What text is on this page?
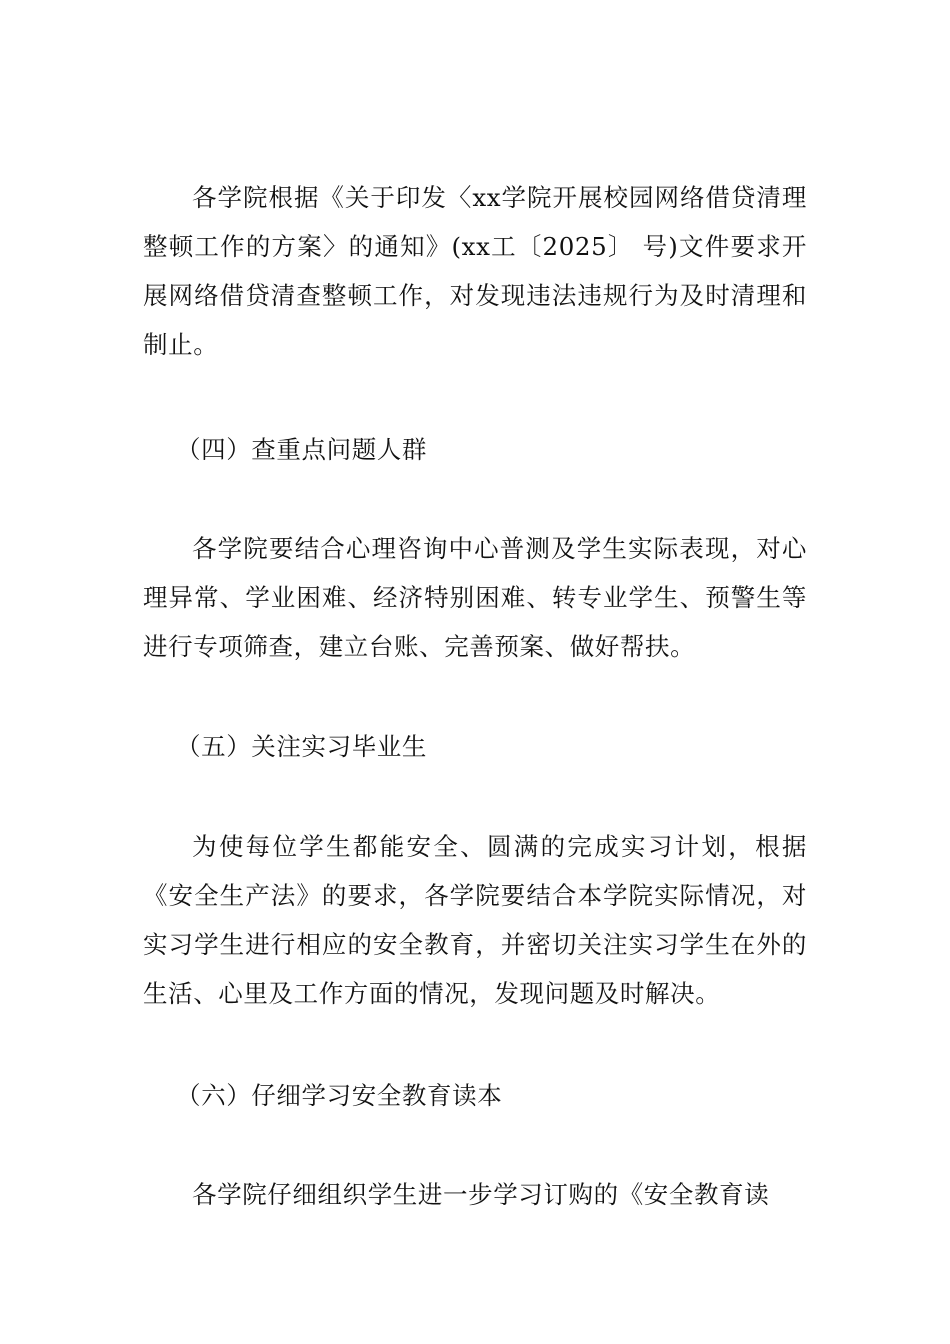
各学院根据《关于印发〈xx学院开展校园网络借贷清理整顿工作的方案〉的通知》(xx工〔2025〕 号)文件要求开展网络借贷清查整顿工作，对发现违法违规行为及时清理和制止。

（四）查重点问题人群

各学院要结合心理咨询中心普测及学生实际表现，对心理异常、学业困难、经济特别困难、转专业学生、预警生等进行专项筛查，建立台账、完善预案、做好帮扶。

（五）关注实习毕业生

为使每位学生都能安全、圆满的完成实习计划，根据《安全生产法》的要求，各学院要结合本学院实际情况，对实习学生进行相应的安全教育，并密切关注实习学生在外的生活、心里及工作方面的情况，发现问题及时解决。

（六）仔细学习安全教育读本

各学院仔细组织学生进一步学习订购的《安全教育读
